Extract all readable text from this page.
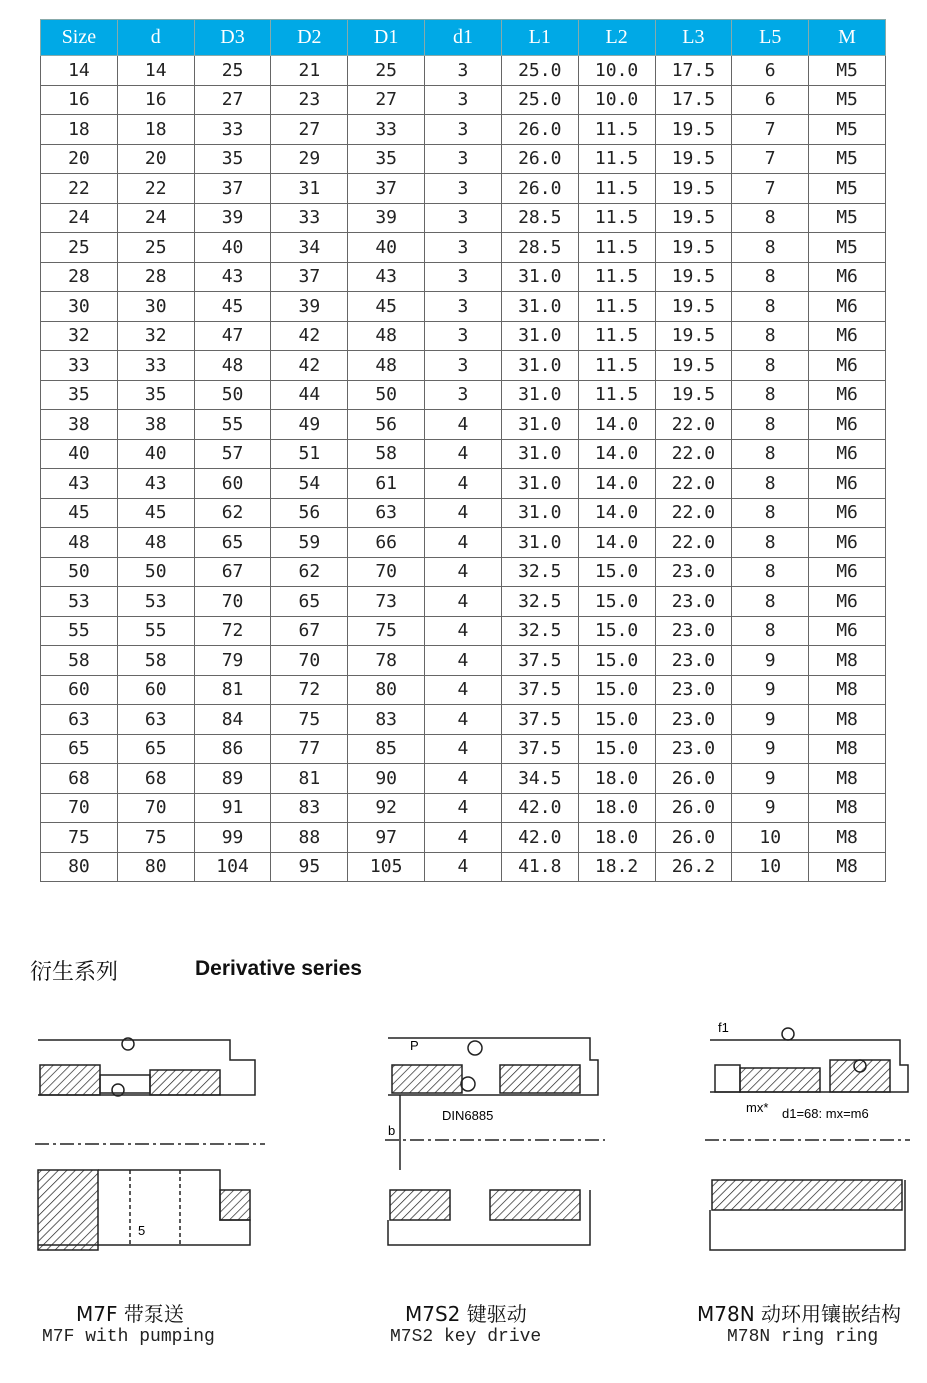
Size	d	D3	D2	D1	d1	L1	L2	L3	L5	M
14	14	25	21	25	3	25.0	10.0	17.5	6	M5
16	16	27	23	27	3	25.0	10.0	17.5	6	M5
18	18	33	27	33	3	26.0	11.5	19.5	7	M5
20	20	35	29	35	3	26.0	11.5	19.5	7	M5
22	22	37	31	37	3	26.0	11.5	19.5	7	M5
24	24	39	33	39	3	28.5	11.5	19.5	8	M5
25	25	40	34	40	3	28.5	11.5	19.5	8	M5
28	28	43	37	43	3	31.0	11.5	19.5	8	M6
30	30	45	39	45	3	31.0	11.5	19.5	8	M6
32	32	47	42	48	3	31.0	11.5	19.5	8	M6
33	33	48	42	48	3	31.0	11.5	19.5	8	M6
35	35	50	44	50	3	31.0	11.5	19.5	8	M6
38	38	55	49	56	4	31.0	14.0	22.0	8	M6
40	40	57	51	58	4	31.0	14.0	22.0	8	M6
43	43	60	54	61	4	31.0	14.0	22.0	8	M6
45	45	62	56	63	4	31.0	14.0	22.0	8	M6
48	48	65	59	66	4	31.0	14.0	22.0	8	M6
50	50	67	62	70	4	32.5	15.0	23.0	8	M6
53	53	70	65	73	4	32.5	15.0	23.0	8	M6
55	55	72	67	75	4	32.5	15.0	23.0	8	M6
58	58	79	70	78	4	37.5	15.0	23.0	9	M8
60	60	81	72	80	4	37.5	15.0	23.0	9	M8
63	63	84	75	83	4	37.5	15.0	23.0	9	M8
65	65	86	77	85	4	37.5	15.0	23.0	9	M8
68	68	89	81	90	4	34.5	18.0	26.0	9	M8
70	70	91	83	92	4	42.0	18.0	26.0	9	M8
75	75	99	88	97	4	42.0	18.0	26.0	10	M8
80	80	104	95	105	4	41.8	18.2	26.2	10	M8
衍生系列	Derivative series
5
P
DIN6885
b
f1
mx* d1=68: mx=m6
M7F 带泵送
M7F with pumping
M7S2 键驱动
M7S2 key drive
M78N 动环用镶嵌结构
M78N ring ring
